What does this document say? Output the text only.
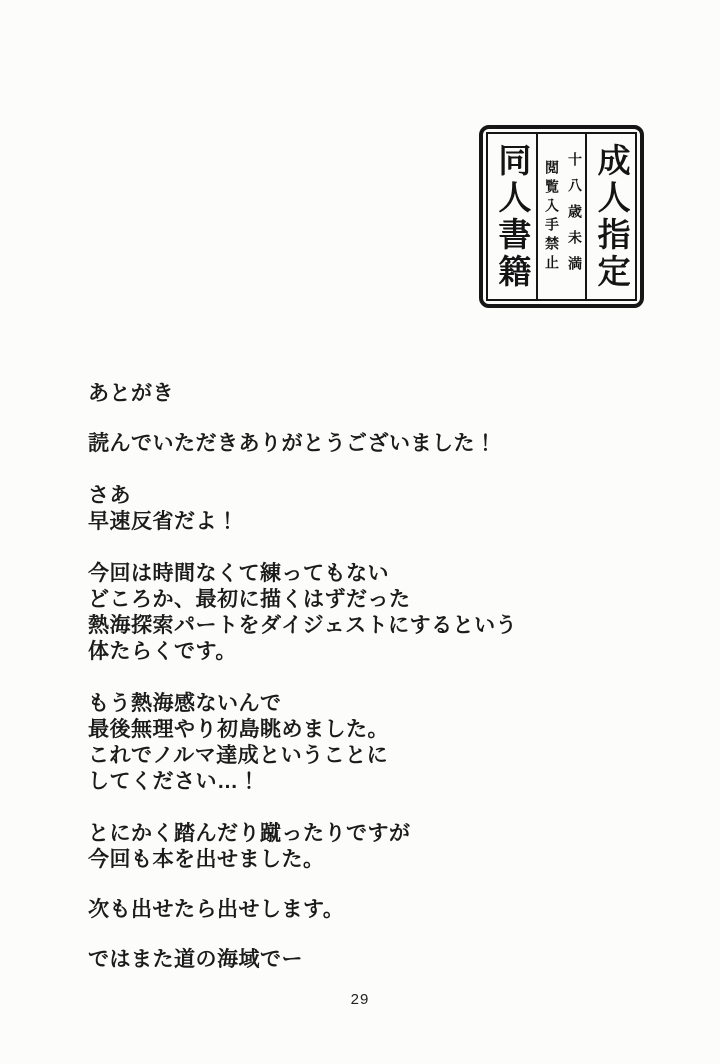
同人書籍	十八歳未満
閲覧入手禁止 成人指定
あとがき
読んでいただきありがとうございました！
さあ
早速反省だよ！
今回は時間なくて練ってもない
どころか、最初に描くはずだった
熱海探索パートをダイジェストにするという
体たらくです。
もう熱海感ないんで
最後無理やり初島眺めました。
これでノルマ達成ということに
してください…！
とにかく踏んだり蹴ったりですが
今回も本を出せました。
次も出せたら出せします。
ではまた道の海域でー
29
